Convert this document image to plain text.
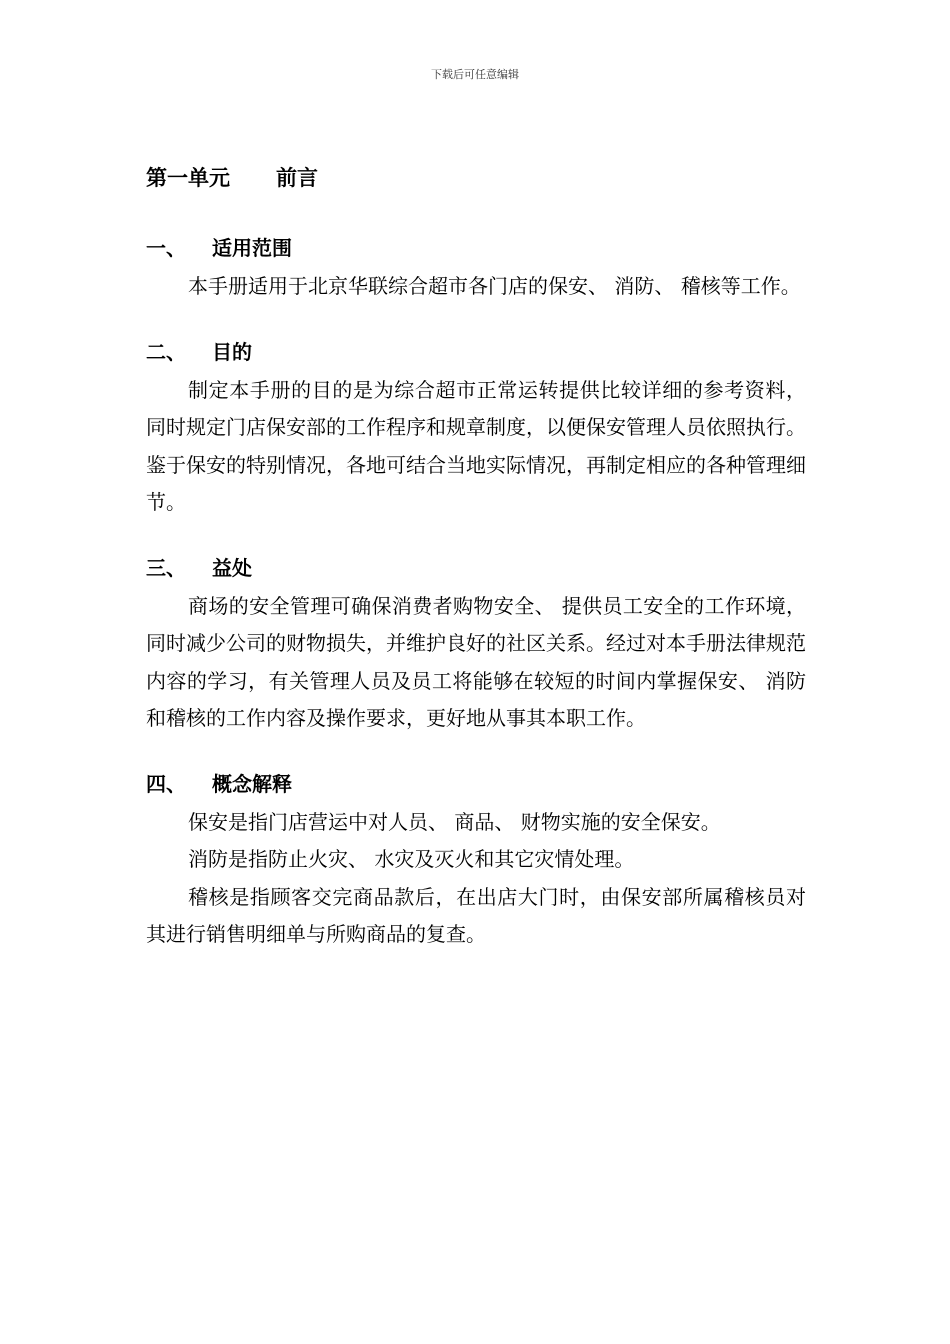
下载后可任意编辑
第一单元 前言
一、 适用范围

本手册适用于北京华联综合超市各门店的保安、 消防、 稽核等工作。

二、 目的

制定本手册的目的是为综合超市正常运转提供比较详细的参考资料，同时规定门店保安部的工作程序和规章制度，以便保安管理人员依照执行。鉴于保安的特别情况，各地可结合当地实际情况，再制定相应的各种管理细节。

三、 益处

商场的安全管理可确保消费者购物安全、 提供员工安全的工作环境，同时减少公司的财物损失，并维护良好的社区关系。经过对本手册法律规范内容的学习，有关管理人员及员工将能够在较短的时间内掌握保安、 消防和稽核的工作内容及操作要求，更好地从事其本职工作。

四、 概念解释

保安是指门店营运中对人员、 商品、 财物实施的安全保安。

消防是指防止火灾、 水灾及灭火和其它灾情处理。

稽核是指顾客交完商品款后，在出店大门时，由保安部所属稽核员对其进行销售明细单与所购商品的复查。
